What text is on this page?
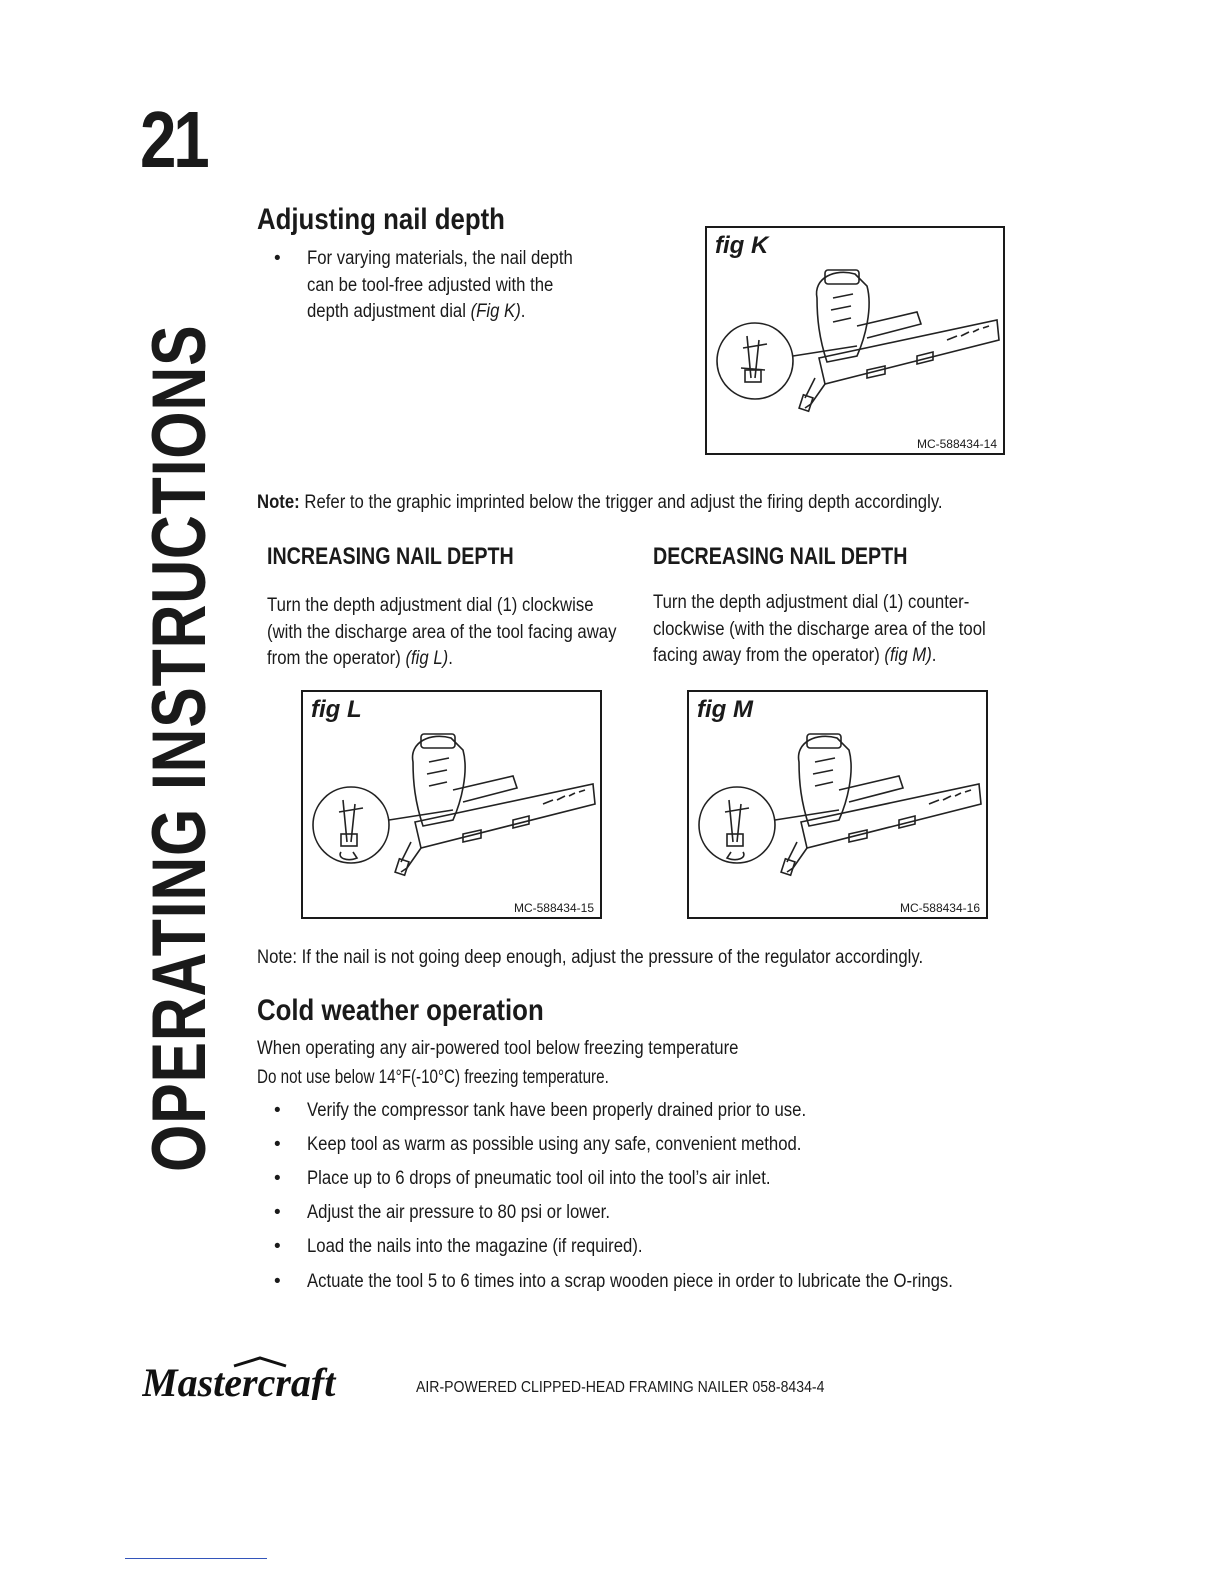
21
OPERATING INSTRUCTIONS
Adjusting nail depth
• For varying materials, the nail depth
can be tool-free adjusted with the
depth adjustment dial (Fig K).
fig K
MC-588434-14
Note: Refer to the graphic imprinted below the trigger and adjust the firing depth accordingly.
INCREASING NAIL DEPTH	DECREASING NAIL DEPTH
Turn the depth adjustment dial (1) clockwise
(with the discharge area of the tool facing away
from the operator) (fig L).
Turn the depth adjustment dial (1) counter-
clockwise (with the discharge area of the tool
facing away from the operator) (fig M).
fig L
MC-588434-15
fig M
MC-588434-16
Note: If the nail is not going deep enough, adjust the pressure of the regulator accordingly.
Cold weather operation
When operating any air-powered tool below freezing temperature
Do not use below 14°F(-10°C) freezing temperature.
• Verify the compressor tank have been properly drained prior to use.
• Keep tool as warm as possible using any safe, convenient method.
• Place up to 6 drops of pneumatic tool oil into the tool’s air inlet.
• Adjust the air pressure to 80 psi or lower.
• Load the nails into the magazine (if required).
• Actuate the tool 5 to 6 times into a scrap wooden piece in order to lubricate the O-rings.
Mastercraft	AIR-POWERED CLIPPED-HEAD FRAMING NAILER 058-8434-4
